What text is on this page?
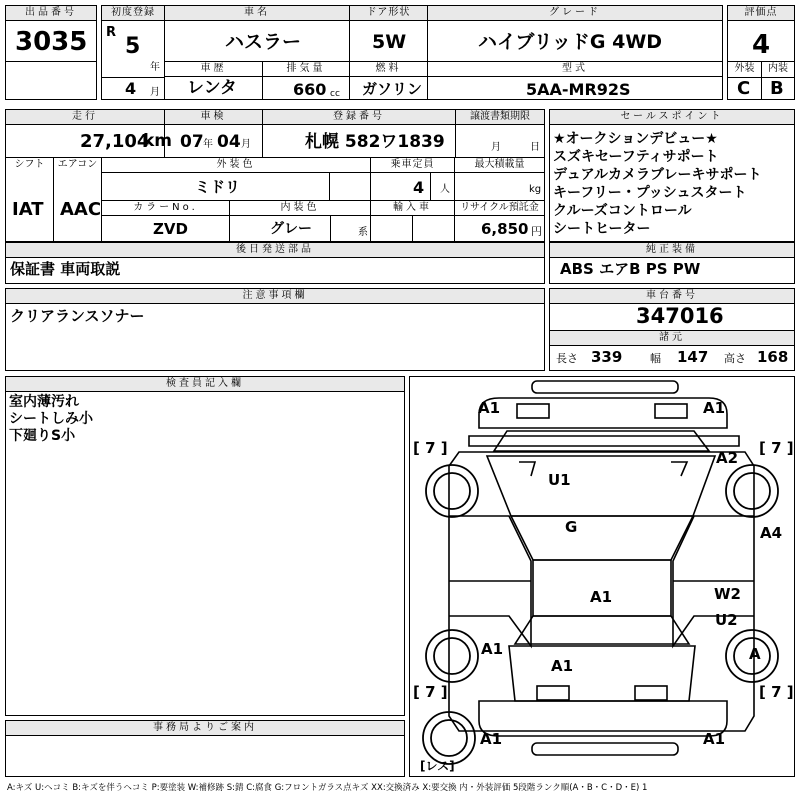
出品番号
3035
初度登録
R
5
年
4 月
車名	ドア形状	グレード
ハスラー	5W	ハイブリッドG 4WD
車歴	排気量	燃料	型式
レンタ	660 cc ガソリン	5AA-MR92S
評価点
4
外装	内装
C B
走行	車検	登録番号	譲渡書類期限
27,104
km 07 年 04 月	札幌 582ワ1839	月	日
シフト	エアコン	外装色	乗車定員	最大積載量
IAT AAC
ミドリ	4 人	kg
カラーNo.	内装色	輸入車	リサイクル預託金
ZVD	グレー	系	6,850 円
セールスポイント
★オークションデビュー★
スズキセーフティサポート
デュアルカメラブレーキサポート
キーフリー・プッシュスタート
クルーズコントロール
シートヒーター
後日発送部品
保証書 車両取説
純正装備
ABS エアB PS PW
注意事項欄
クリアランスソナー
車台番号
347016
諸元
長さ 339	幅 147 高さ 168
検査員記入欄
室内薄汚れ
シートしみ小
下廻りS小
事務局よりご案内
A1	A1
[ 7 ]	[ 7 ]
U1
A2
G	A4
A1	W2
U2
A1	A
A1
[ 7 ]	[ 7 ]
A1	A1
[レス]
A:キズ U:ヘコミ B:キズを伴うヘコミ P:要塗装 W:補修跡 S:錆 C:腐食 G:フロントガラス点キズ XX:交換済み X:要交換 内・外装評価 5段階ランク順(A・B・C・D・E) 1
